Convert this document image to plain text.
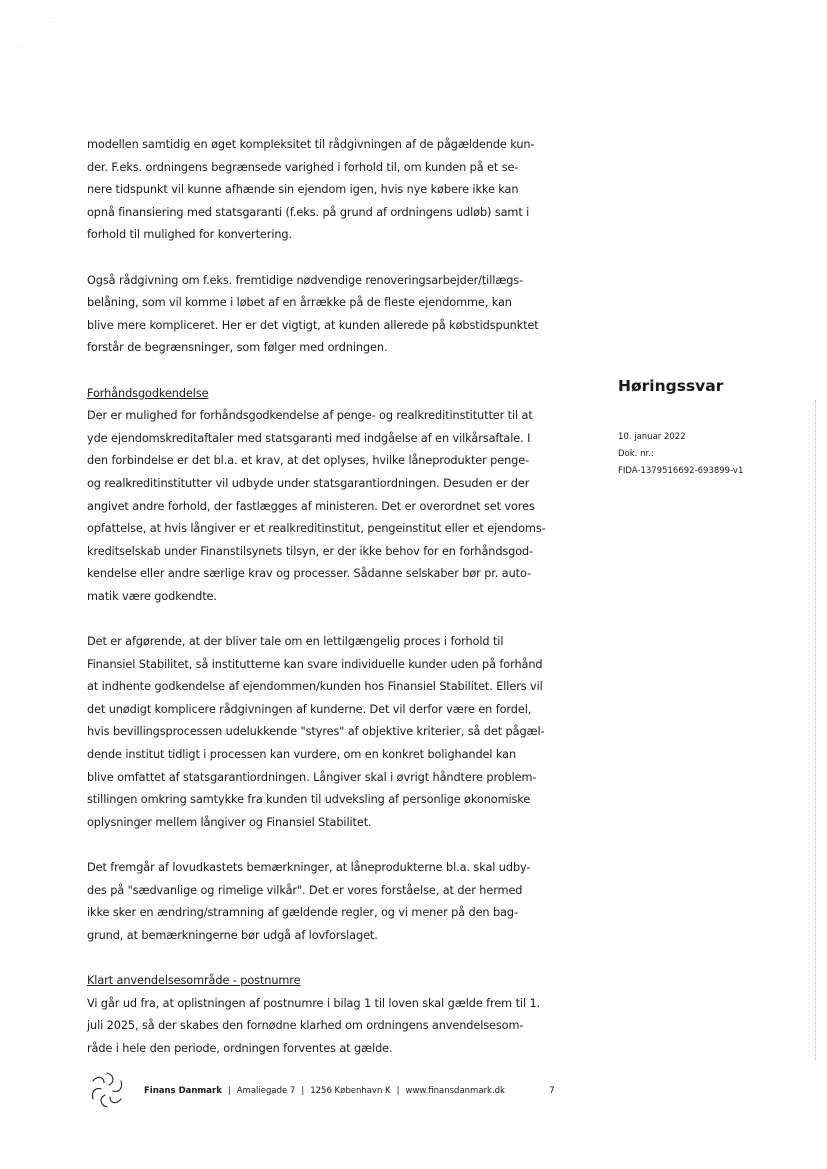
modellen samtidig en øget kompleksitet til rådgivningen af de pågældende kun-
der. F.eks. ordningens begrænsede varighed i forhold til, om kunden på et se-
nere tidspunkt vil kunne afhænde sin ejendom igen, hvis nye købere ikke kan
opnå finansiering med statsgaranti (f.eks. på grund af ordningens udløb) samt i
forhold til mulighed for konvertering.

Også rådgivning om f.eks. fremtidige nødvendige renoveringsarbejder/tillægs-
belåning, som vil komme i løbet af en årrække på de fleste ejendomme, kan
blive mere kompliceret. Her er det vigtigt, at kunden allerede på købstidspunktet
forstår de begrænsninger, som følger med ordningen.

Forhåndsgodkendelse
Der er mulighed for forhåndsgodkendelse af penge- og realkreditinstitutter til at
yde ejendomskreditaftaler med statsgaranti med indgåelse af en vilkårsaftale. I
den forbindelse er det bl.a. et krav, at det oplyses, hvilke låneprodukter penge-
og realkreditinstitutter vil udbyde under statsgarantiordningen. Desuden er der
angivet andre forhold, der fastlægges af ministeren. Det er overordnet set vores
opfattelse, at hvis långiver er et realkreditinstitut, pengeinstitut eller et ejendoms-
kreditselskab under Finanstilsynets tilsyn, er der ikke behov for en forhåndsgod-
kendelse eller andre særlige krav og processer. Sådanne selskaber bør pr. auto-
matik være godkendte.

Det er afgørende, at der bliver tale om en lettilgængelig proces i forhold til
Finansiel Stabilitet, så institutterne kan svare individuelle kunder uden på forhånd
at indhente godkendelse af ejendommen/kunden hos Finansiel Stabilitet. Ellers vil
det unødigt komplicere rådgivningen af kunderne. Det vil derfor være en fordel,
hvis bevillingsprocessen udelukkende "styres" af objektive kriterier, så det pågæl-
dende institut tidligt i processen kan vurdere, om en konkret bolighandel kan
blive omfattet af statsgarantiordningen. Långiver skal i øvrigt håndtere problem-
stillingen omkring samtykke fra kunden til udveksling af personlige økonomiske
oplysninger mellem långiver og Finansiel Stabilitet.

Det fremgår af lovudkastets bemærkninger, at låneprodukterne bl.a. skal udby-
des på "sædvanlige og rimelige vilkår". Det er vores forståelse, at der hermed
ikke sker en ændring/stramning af gældende regler, og vi mener på den bag-
grund, at bemærkningerne bør udgå af lovforslaget.

Klart anvendelsesområde - postnumre
Vi går ud fra, at oplistningen af postnumre i bilag 1 til loven skal gælde frem til 1.
juli 2025, så der skabes den fornødne klarhed om ordningens anvendelsesom-
råde i hele den periode, ordningen forventes at gælde.
Høringssvar
10. januar 2022
Dok. nr.:
FIDA-1379516692-693899-v1
Finans Danmark | Amaliegade 7 | 1256 København K | www.finansdanmark.dk	7
